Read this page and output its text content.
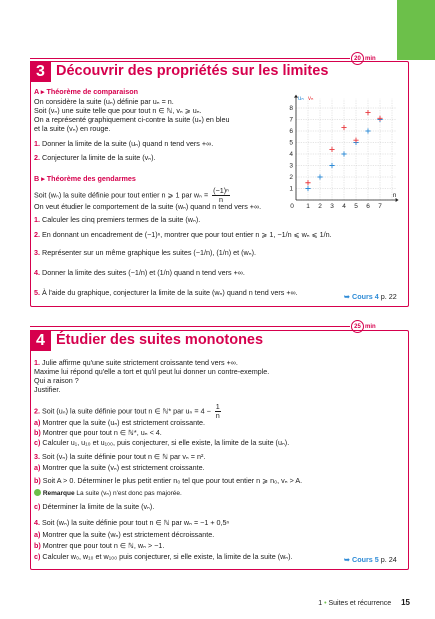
20 min
3 Découvrir des propriétés sur les limites
A ▸ Théorème de comparaison
On considère la suite (uₙ) définie par uₙ = n.
Soit (vₙ) une suite telle que pour tout n ∈ ℕ, vₙ ⩾ uₙ.
On a représenté graphiquement ci-contre la suite (uₙ) en bleu
et la suite (vₙ) en rouge.
1. Donner la limite de la suite (uₙ) quand n tend vers +∞.
2. Conjecturer la limite de la suite (vₙ).
B ▸ Théorème des gendarmes
Soit (wₙ) la suite définie pour tout entier n ⩾ 1 par $w_n = \frac{\text{(−1)ⁿ}}{n}$
On veut étudier le comportement de la suite (wₙ) quand n tend vers +∞.
1. Calculer les cinq premiers termes de la suite (wₙ).
2. En donnant un encadrement de (−1)ⁿ, montrer que pour tout entier n ⩾ 1, −1/n ⩽ wₙ ⩽ 1/n.
3. Représenter sur un même graphique les suites (−1/n), (1/n) et (wₙ).
4. Donner la limite des suites (−1/n) et (1/n) quand n tend vers +∞.
5. À l'aide du graphique, conjecturer la limite de la suite (wₙ) quand n tend vers +∞.	➥ Cours 4 p. 22
0 1 2 3 4 5 6 7
1
2
3
4
5
6
7
8
n
uₙ vₙ
25 min
4 Étudier des suites monotones
1. Julie affirme qu'une suite strictement croissante tend vers +∞.
Maxime lui répond qu'elle a tort et qu'il peut lui donner un contre-exemple.
Qui a raison ?
Justifier.
2. Soit (uₙ) la suite définie pour tout n ∈ ℕ* par $u_n = 4 - \frac{1}{n}$
a) Montrer que la suite (uₙ) est strictement croissante.
b) Montrer que pour tout n ∈ ℕ*, uₙ < 4.
c) Calculer u₁, u₁₀ et u₁₀₀, puis conjecturer, si elle existe, la limite de la suite (uₙ).
3. Soit (vₙ) la suite définie pour tout n ∈ ℕ par vₙ = n².
a) Montrer que la suite (vₙ) est strictement croissante.
b) Soit A > 0. Déterminer le plus petit entier n₀ tel que pour tout entier n ⩾ n₀, vₙ > A.
Remarque La suite (vₙ) n'est donc pas majorée.
c) Déterminer la limite de la suite (vₙ).
4. Soit (wₙ) la suite définie pour tout n ∈ ℕ par wₙ = −1 + 0,5ⁿ
a) Montrer que la suite (wₙ) est strictement décroissante.
b) Montrer que pour tout n ∈ ℕ, wₙ > −1.
c) Calculer w₀, w₁₀ et w₁₀₀ puis conjecturer, si elle existe, la limite de la suite (wₙ).	➥ Cours 5 p. 24
1 • Suites et récurrence 15
